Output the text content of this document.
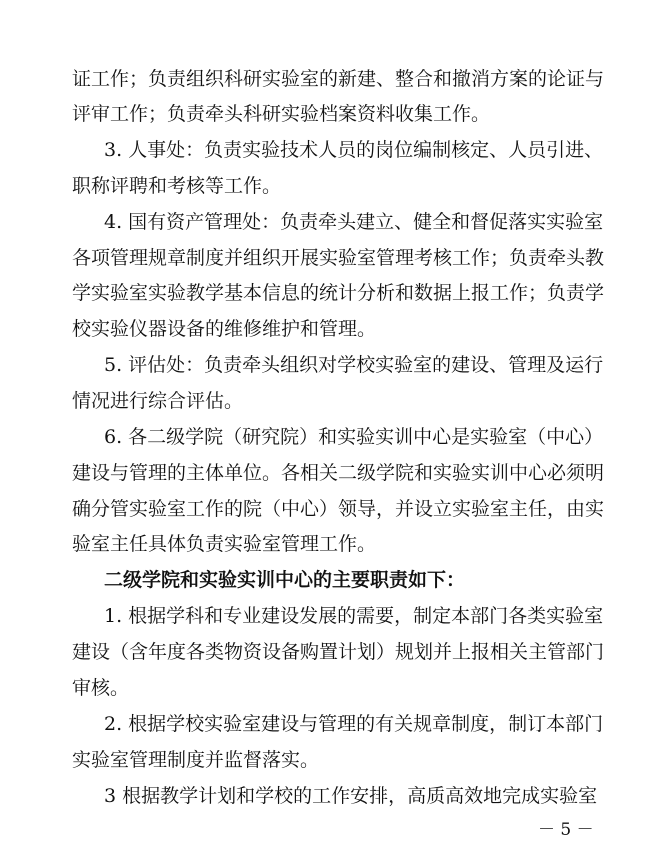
证工作；负责组织科研实验室的新建、整合和撤消方案的论证与
评审工作；负责牵头科研实验档案资料收集工作。
3. 人事处：负责实验技术人员的岗位编制核定、人员引进、
职称评聘和考核等工作。
4. 国有资产管理处：负责牵头建立、健全和督促落实实验室
各项管理规章制度并组织开展实验室管理考核工作；负责牵头教
学实验室实验教学基本信息的统计分析和数据上报工作；负责学
校实验仪器设备的维修维护和管理。
5. 评估处：负责牵头组织对学校实验室的建设、管理及运行
情况进行综合评估。
6. 各二级学院（研究院）和实验实训中心是实验室（中心）
建设与管理的主体单位。各相关二级学院和实验实训中心必须明
确分管实验室工作的院（中心）领导，并设立实验室主任，由实
验室主任具体负责实验室管理工作。
二级学院和实验实训中心的主要职责如下：
1. 根据学科和专业建设发展的需要，制定本部门各类实验室
建设（含年度各类物资设备购置计划）规划并上报相关主管部门
审核。
2. 根据学校实验室建设与管理的有关规章制度，制订本部门
实验室管理制度并监督落实。
3 根据教学计划和学校的工作安排，高质高效地完成实验室
－ 5 －
